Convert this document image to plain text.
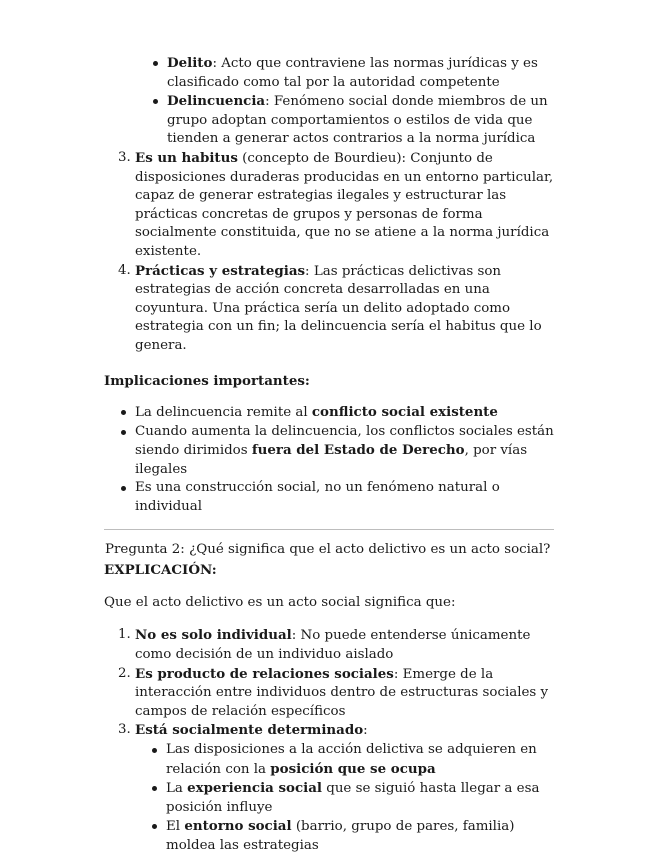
Delito: Acto que contraviene las normas jurídicas y es clasificado como tal por la autoridad competente
Delincuencia: Fenómeno social donde miembros de un grupo adoptan comportamientos o estilos de vida que tienden a generar actos contrarios a la norma jurídica
3. Es un habitus (concepto de Bourdieu): Conjunto de disposiciones duraderas producidas en un entorno particular, capaz de generar estrategias ilegales y estructurar las prácticas concretas de grupos y personas de forma socialmente constituida, que no se atiene a la norma jurídica existente.
4. Prácticas y estrategias: Las prácticas delictivas son estrategias de acción concreta desarrolladas en una coyuntura. Una práctica sería un delito adoptado como estrategia con un fin; la delincuencia sería el habitus que lo genera.
Implicaciones importantes:
La delincuencia remite al conflicto social existente
Cuando aumenta la delincuencia, los conflictos sociales están siendo dirimidos fuera del Estado de Derecho, por vías ilegales
Es una construcción social, no un fenómeno natural o individual
Pregunta 2: ¿Qué significa que el acto delictivo es un acto social?
EXPLICACIÓN:
Que el acto delictivo es un acto social significa que:
1. No es solo individual: No puede entenderse únicamente como decisión de un individuo aislado
2. Es producto de relaciones sociales: Emerge de la interacción entre individuos dentro de estructuras sociales y campos de relación específicos
3. Está socialmente determinado:
Las disposiciones a la acción delictiva se adquieren en relación con la posición que se ocupa
La experiencia social que se siguió hasta llegar a esa posición influye
El entorno social (barrio, grupo de pares, familia) moldea las estrategias
